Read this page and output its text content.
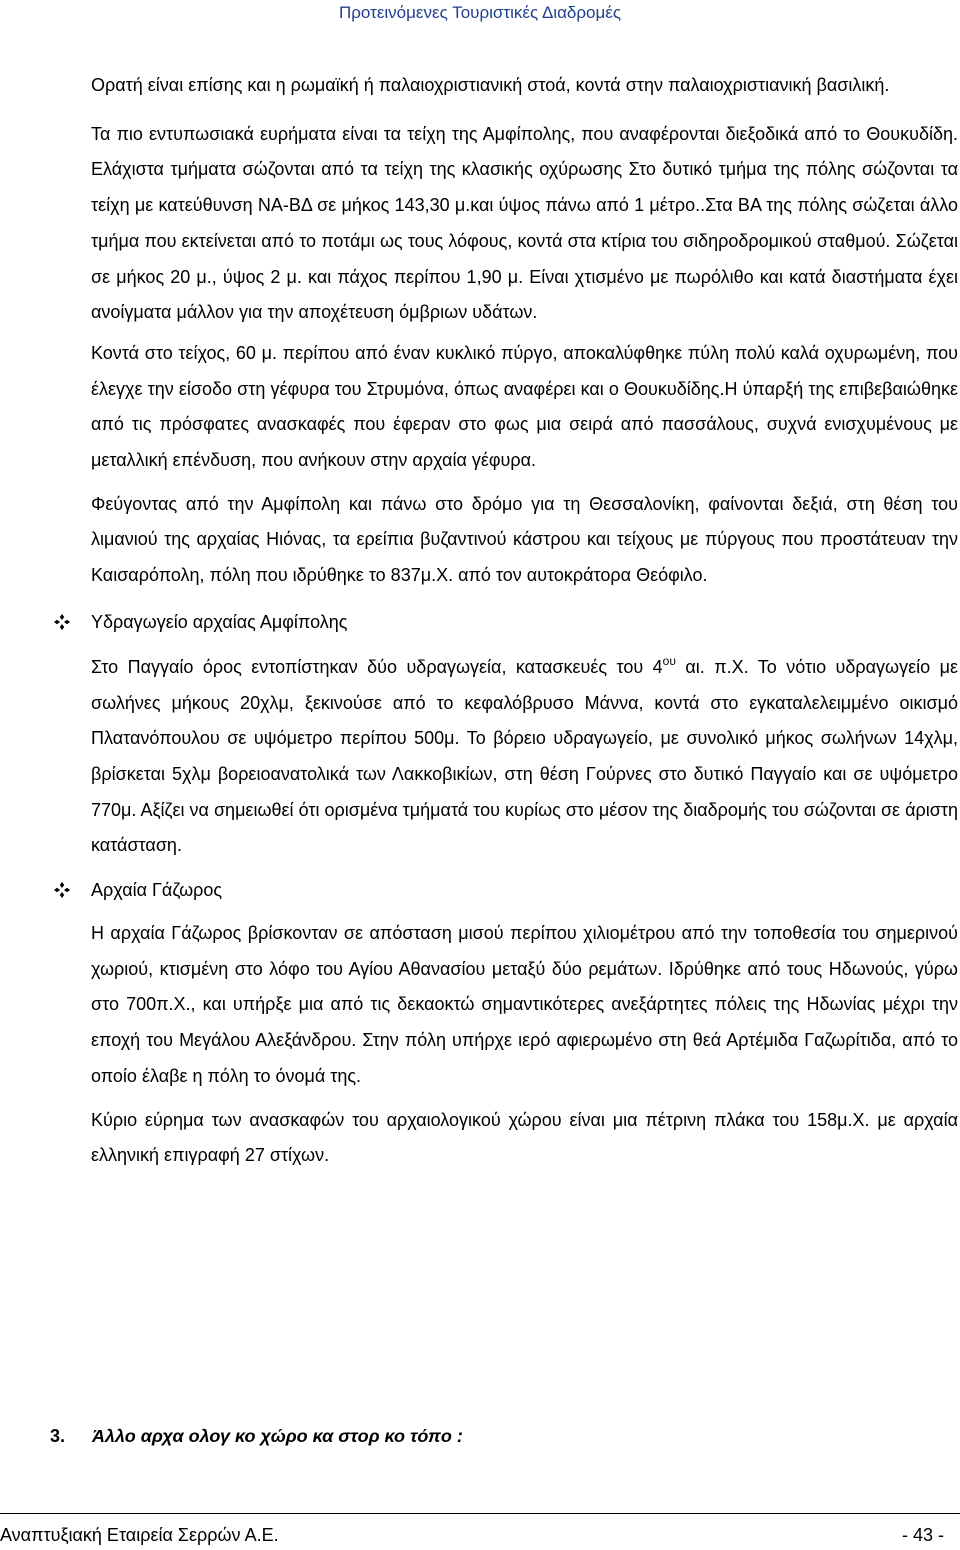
Προτεινόμενες Τουριστικές Διαδρομές

Ορατή είναι επίσης και η ρωμαϊκή ή παλαιοχριστιανική στοά, κοντά στην παλαιοχριστιανική βασιλική.

Τα πιο εντυπωσιακά ευρήματα είναι τα τείχη της Αμφίπολης, που αναφέρονται διεξοδικά από το Θουκυδίδη. Ελάχιστα τμήματα σώζονται από τα τείχη της κλασικής οχύρωσης Στο δυτικό τμήμα της πόλης σώζονται τα τείχη με κατεύθυνση ΝΑ-ΒΔ σε μήκος 143,30 μ.και ύψος πάνω από 1 μέτρο..Στα ΒΑ της πόλης σώζεται άλλο τμήμα που εκτείνεται από το ποτάμι ως τους λόφους, κοντά στα κτίρια του σιδηροδρομικού σταθμού. Σώζεται σε μήκος 20 μ., ύψος 2 μ. και πάχος περίπου 1,90 μ. Είναι χτισμένο με πωρόλιθο και κατά διαστήματα έχει ανοίγματα μάλλον για την αποχέτευση όμβριων υδάτων.

Κοντά στο τείχος, 60 μ. περίπου από έναν κυκλικό πύργο, αποκαλύφθηκε πύλη πολύ καλά οχυρωμένη, που έλεγχε την είσοδο στη γέφυρα του Στρυμόνα, όπως αναφέρει και ο Θουκυδίδης.Η ύπαρξή της επιβεβαιώθηκε από τις πρόσφατες ανασκαφές που έφεραν στο φως μια σειρά από πασσάλους, συχνά ενισχυμένους με μεταλλική επένδυση, που ανήκουν στην αρχαία γέφυρα.

Φεύγοντας από την Αμφίπολη και πάνω στο δρόμο για τη Θεσσαλονίκη, φαίνονται δεξιά, στη θέση του λιμανιού της αρχαίας Ηιόνας, τα ερείπια βυζαντινού κάστρου και τείχους με πύργους που προστάτευαν την Καισαρόπολη, πόλη που ιδρύθηκε το 837μ.Χ. από τον αυτοκράτορα Θεόφιλο.

Υδραγωγείο αρχαίας Αμφίπολης

Στο Παγγαίο όρος εντοπίστηκαν δύο υδραγωγεία, κατασκευές του $4^{o\upsilon}$ αι. π.Χ. Το νότιο υδραγωγείο με σωλήνες μήκους 20χλμ, ξεκινούσε από το κεφαλόβρυσο Μάννα, κοντά στο εγκαταλελειμμένο οικισμό Πλατανόπουλου σε υψόμετρο περίπου 500μ. Το βόρειο υδραγωγείο, με συνολικό μήκος σωλήνων 14χλμ, βρίσκεται 5χλμ βορειοανατολικά των Λακκοβικίων, στη θέση Γούρνες στο δυτικό Παγγαίο και σε υψόμετρο 770μ. Αξίζει να σημειωθεί ότι ορισμένα τμήματά του κυρίως στο μέσον της διαδρομής του σώζονται σε άριστη κατάσταση.

Αρχαία Γάζωρος

Η αρχαία Γάζωρος βρίσκονταν σε απόσταση μισού περίπου χιλιομέτρου από την τοποθεσία του σημερινού χωριού, κτισμένη στο λόφο του Αγίου Αθανασίου μεταξύ δύο ρεμάτων. Ιδρύθηκε από τους Ηδωνούς, γύρω στο 700π.Χ., και υπήρξε μια από τις δεκαοκτώ σημαντικότερες ανεξάρτητες πόλεις της Ηδωνίας μέχρι την εποχή του Μεγάλου Αλεξάνδρου. Στην πόλη υπήρχε ιερό αφιερωμένο στη θεά Αρτέμιδα Γαζωρίτιδα, από το οποίο έλαβε η πόλη το όνομά της.

Κύριο εύρημα των ανασκαφών του αρχαιολογικού χώρου είναι μια πέτρινη πλάκα του 158μ.Χ. με αρχαία ελληνική επιγραφή 27 στίχων.

3. Άλλο αρχα ολογ κο χώρο κα στορ κο τόπο :
Αναπτυξιακή Εταιρεία Σερρών Α.Ε.	- 43 -
